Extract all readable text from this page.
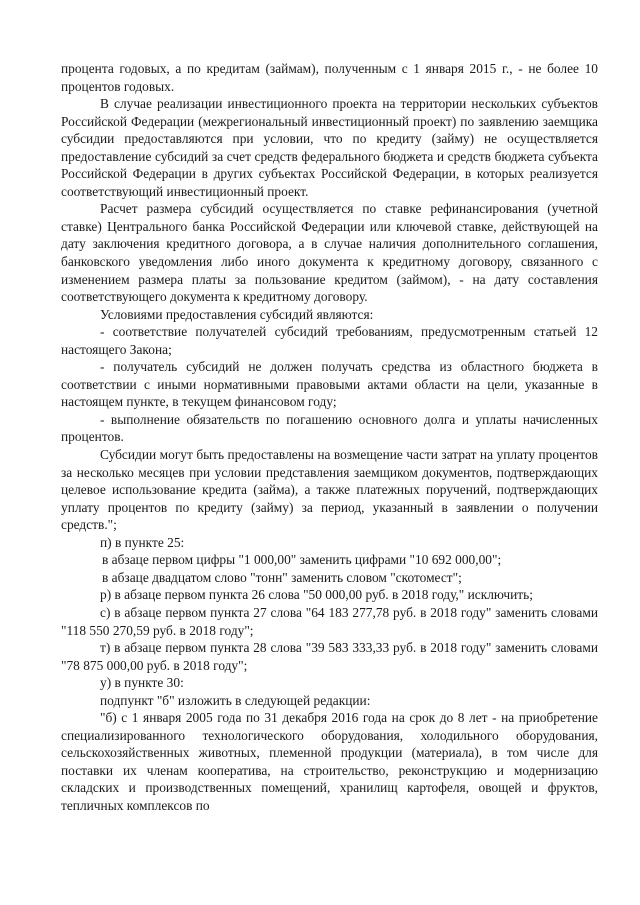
процента годовых, а по кредитам (займам), полученным с 1 января 2015 г., - не более 10 процентов годовых.

В случае реализации инвестиционного проекта на территории нескольких субъектов Российской Федерации (межрегиональный инвестиционный проект) по заявлению заемщика субсидии предоставляются при условии, что по кредиту (займу) не осуществляется предоставление субсидий за счет средств федерального бюджета и средств бюджета субъекта Российской Федерации в других субъектах Российской Федерации, в которых реализуется соответствующий инвестиционный проект.

Расчет размера субсидий осуществляется по ставке рефинансирования (учетной ставке) Центрального банка Российской Федерации или ключевой ставке, действующей на дату заключения кредитного договора, а в случае наличия дополнительного соглашения, банковского уведомления либо иного документа к кредитному договору, связанного с изменением размера платы за пользование кредитом (займом), - на дату составления соответствующего документа к кредитному договору.

Условиями предоставления субсидий являются:

- соответствие получателей субсидий требованиям, предусмотренным статьей 12 настоящего Закона;

- получатель субсидий не должен получать средства из областного бюджета в соответствии с иными нормативными правовыми актами области на цели, указанные в настоящем пункте, в текущем финансовом году;

- выполнение обязательств по погашению основного долга и уплаты начисленных процентов.

Субсидии могут быть предоставлены на возмещение части затрат на уплату процентов за несколько месяцев при условии представления заемщиком документов, подтверждающих целевое использование кредита (займа), а также платежных поручений, подтверждающих уплату процентов по кредиту (займу) за период, указанный в заявлении о получении средств.";

п) в пункте 25:

в абзаце первом цифры "1 000,00" заменить цифрами "10 692 000,00";

в абзаце двадцатом слово "тонн" заменить словом "скотомест";

р) в абзаце первом пункта 26 слова "50 000,00 руб. в 2018 году," исключить;

с) в абзаце первом пункта 27 слова "64 183 277,78 руб. в 2018 году" заменить словами "118 550 270,59 руб. в 2018 году";

т) в абзаце первом пункта 28 слова "39 583 333,33 руб. в 2018 году" заменить словами "78 875 000,00 руб. в 2018 году";

у) в пункте 30:

подпункт "б" изложить в следующей редакции:

"б) с 1 января 2005 года по 31 декабря 2016 года на срок до 8 лет - на приобретение специализированного технологического оборудования, холодильного оборудования, сельскохозяйственных животных, племенной продукции (материала), в том числе для поставки их членам кооператива, на строительство, реконструкцию и модернизацию складских и производственных помещений, хранилищ картофеля, овощей и фруктов, тепличных комплексов по
